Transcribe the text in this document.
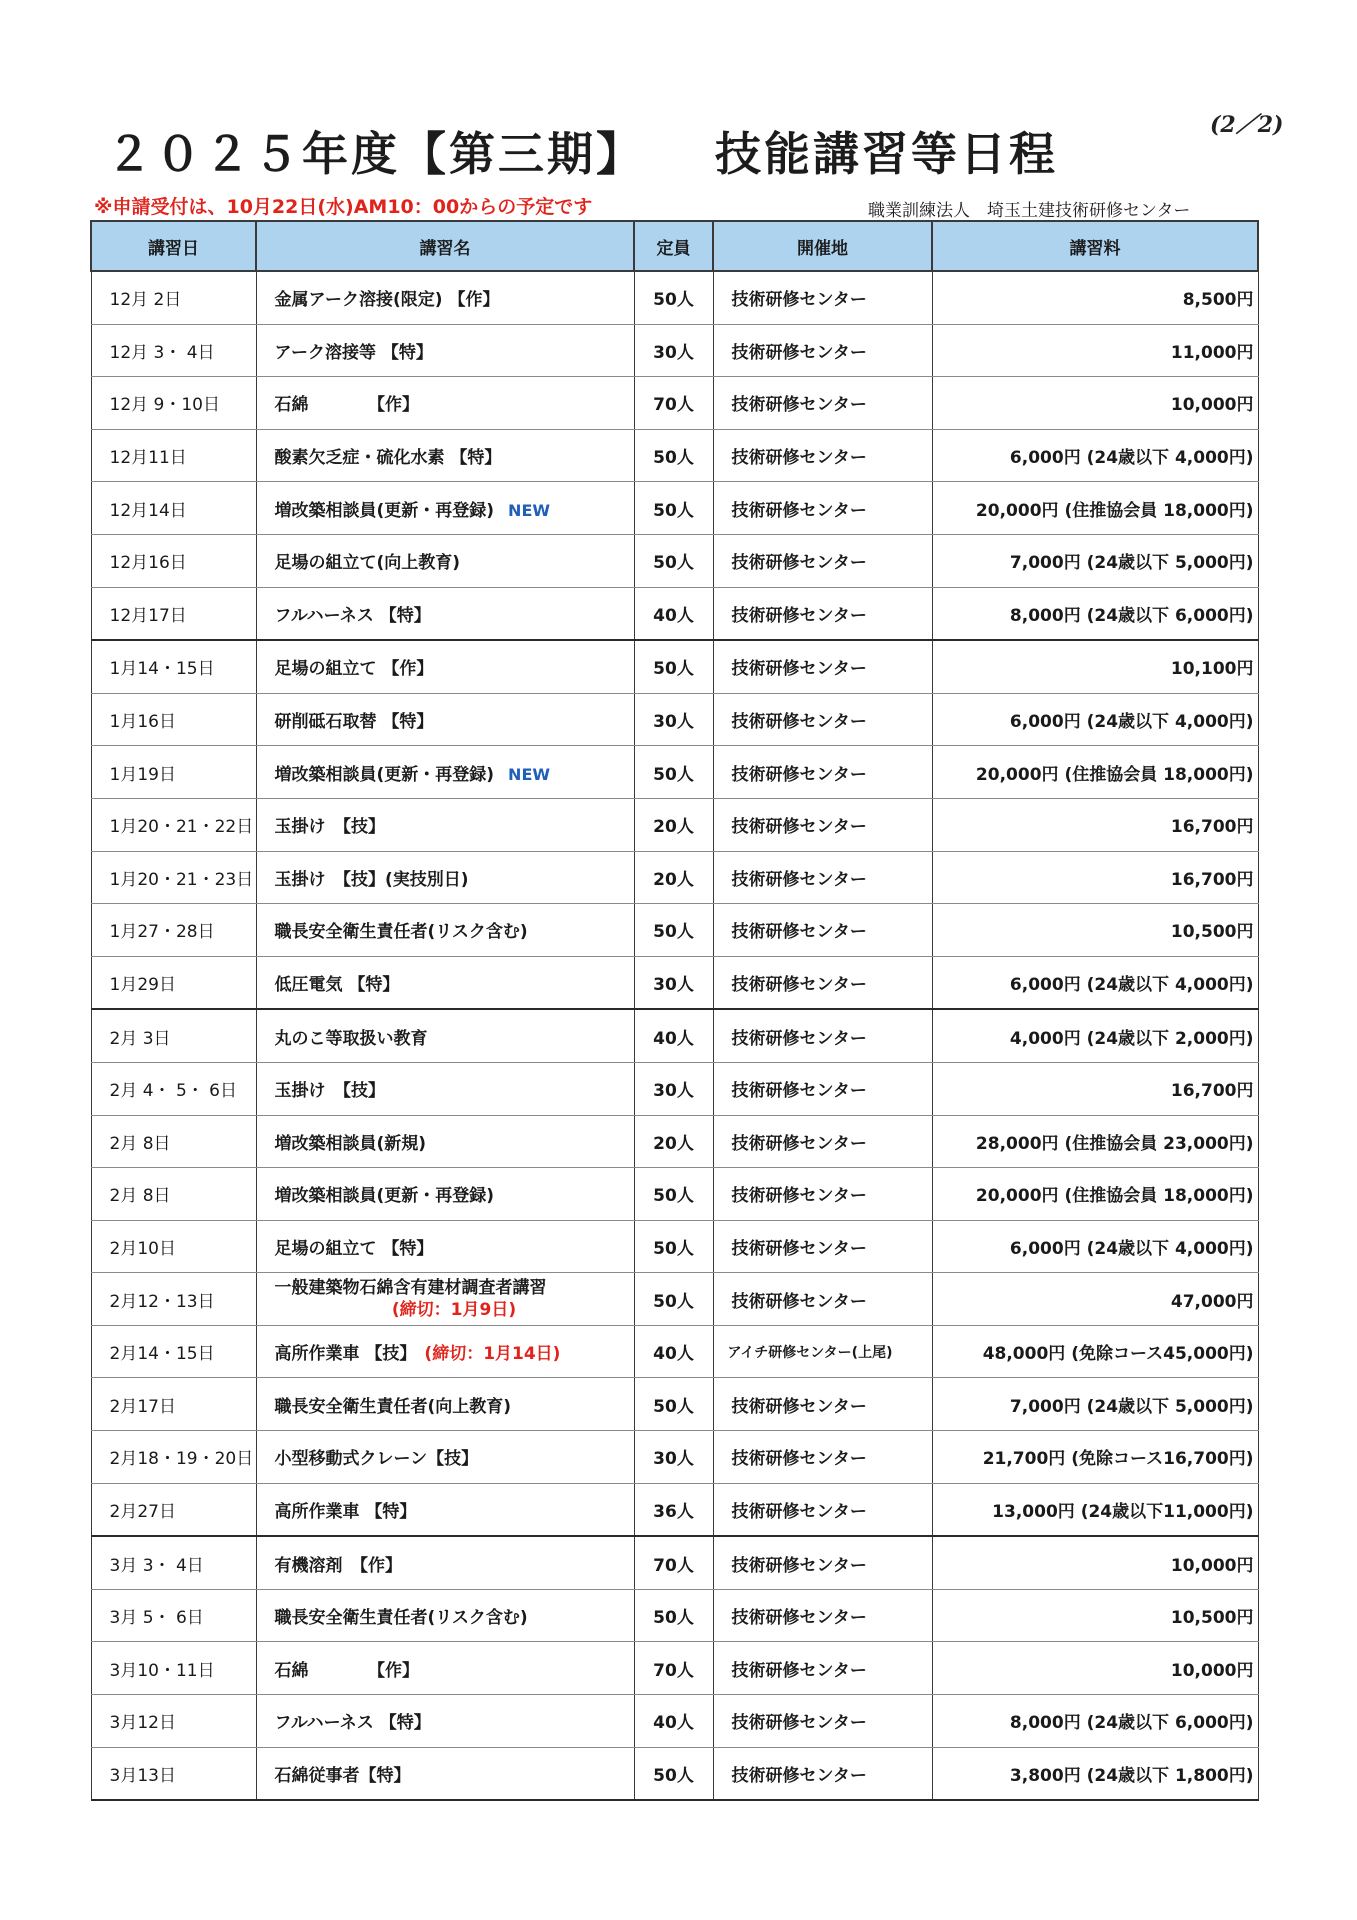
(2／2)
２０２５年度【第三期】 技能講習等日程
※申請受付は、10月22日(水)AM10：00からの予定です	職業訓練法人　埼玉土建技術研修センター
講習日	講習名	定員	開催地	講習料
12月 2日	金属アーク溶接(限定) 【作】	50人	技術研修センター	8,500円
12月 3・ 4日	アーク溶接等 【特】	30人	技術研修センター	11,000円
12月 9・10日	石綿　　　　【作】	70人	技術研修センター	10,000円
12月11日	酸素欠乏症・硫化水素 【特】	50人	技術研修センター	6,000円 (24歳以下 4,000円)
12月14日	増改築相談員(更新・再登録) NEW	50人	技術研修センター	20,000円 (住推協会員 18,000円)
12月16日	足場の組立て(向上教育)	50人	技術研修センター	7,000円 (24歳以下 5,000円)
12月17日	フルハーネス 【特】	40人	技術研修センター	8,000円 (24歳以下 6,000円)
1月14・15日	足場の組立て 【作】	50人	技術研修センター	10,100円
1月16日	研削砥石取替 【特】	30人	技術研修センター	6,000円 (24歳以下 4,000円)
1月19日	増改築相談員(更新・再登録) NEW	50人	技術研修センター	20,000円 (住推協会員 18,000円)
1月20・21・22日	玉掛け　【技】	20人	技術研修センター	16,700円
1月20・21・23日	玉掛け　【技】(実技別日)	20人	技術研修センター	16,700円
1月27・28日	職長安全衛生責任者(リスク含む)	50人	技術研修センター	10,500円
1月29日	低圧電気 【特】	30人	技術研修センター	6,000円 (24歳以下 4,000円)
2月 3日	丸のこ等取扱い教育	40人	技術研修センター	4,000円 (24歳以下 2,000円)
2月 4・ 5・ 6日	玉掛け　【技】	30人	技術研修センター	16,700円
2月 8日	増改築相談員(新規)	20人	技術研修センター	28,000円 (住推協会員 23,000円)
2月 8日	増改築相談員(更新・再登録)	50人	技術研修センター	20,000円 (住推協会員 18,000円)
2月10日	足場の組立て 【特】	50人	技術研修センター	6,000円 (24歳以下 4,000円)
2月12・13日	一般建築物石綿含有建材調査者講習
(締切：1月9日)	50人	技術研修センター	47,000円
2月14・15日	高所作業車 【技】 (締切：1月14日)	40人	アイチ研修センター(上尾)	48,000円 (免除コース45,000円)
2月17日	職長安全衛生責任者(向上教育)	50人	技術研修センター	7,000円 (24歳以下 5,000円)
2月18・19・20日	小型移動式クレーン【技】	30人	技術研修センター	21,700円 (免除コース16,700円)
2月27日	高所作業車 【特】	36人	技術研修センター	13,000円 (24歳以下11,000円)
3月 3・ 4日	有機溶剤　【作】	70人	技術研修センター	10,000円
3月 5・ 6日	職長安全衛生責任者(リスク含む)	50人	技術研修センター	10,500円
3月10・11日	石綿　　　　【作】	70人	技術研修センター	10,000円
3月12日	フルハーネス 【特】	40人	技術研修センター	8,000円 (24歳以下 6,000円)
3月13日	石綿従事者【特】	50人	技術研修センター	3,800円 (24歳以下 1,800円)
